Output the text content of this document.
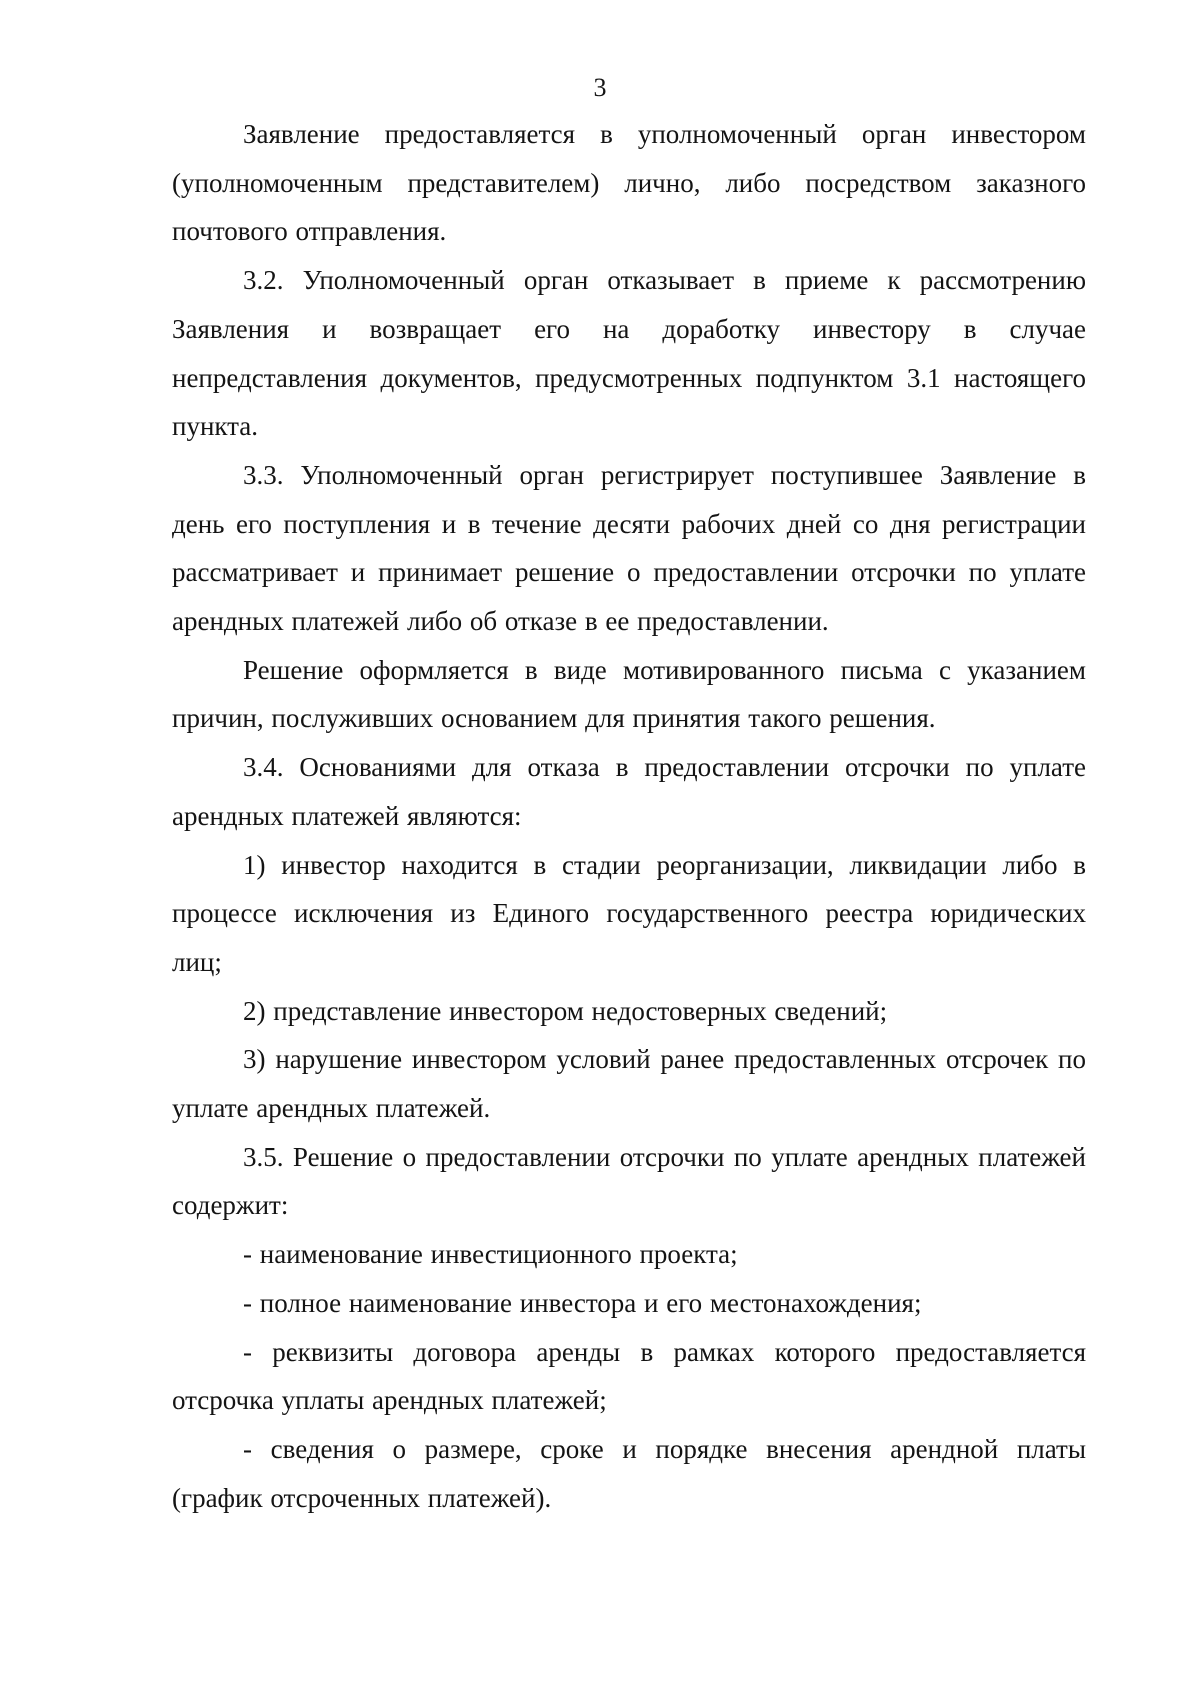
3

Заявление предоставляется в уполномоченный орган инвестором (уполномоченным представителем) лично, либо посредством заказного почтового отправления.

3.2. Уполномоченный орган отказывает в приеме к рассмотрению Заявления и возвращает его на доработку инвестору в случае непредставления документов, предусмотренных подпунктом 3.1 настоящего пункта.

3.3. Уполномоченный орган регистрирует поступившее Заявление в день его поступления и в течение десяти рабочих дней со дня регистрации рассматривает и принимает решение о предоставлении отсрочки по уплате арендных платежей либо об отказе в ее предоставлении.

Решение оформляется в виде мотивированного письма с указанием причин, послуживших основанием для принятия такого решения.

3.4. Основаниями для отказа в предоставлении отсрочки по уплате арендных платежей являются:

1) инвестор находится в стадии реорганизации, ликвидации либо в процессе исключения из Единого государственного реестра юридических лиц;

2) представление инвестором недостоверных сведений;

3) нарушение инвестором условий ранее предоставленных отсрочек по уплате арендных платежей.

3.5. Решение о предоставлении отсрочки по уплате арендных платежей содержит:

- наименование инвестиционного проекта;

- полное наименование инвестора и его местонахождения;

- реквизиты договора аренды в рамках которого предоставляется отсрочка уплаты арендных платежей;

- сведения о размере, сроке и порядке внесения арендной платы (график отсроченных платежей).
